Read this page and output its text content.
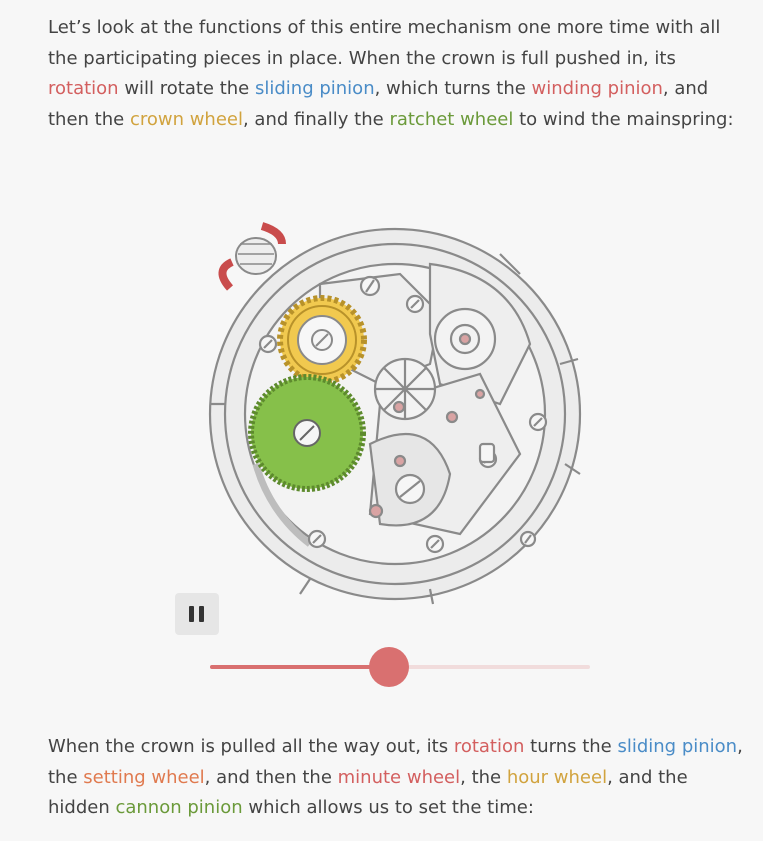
Let’s look at the functions of this entire mechanism one more time with all the participating pieces in place. When the crown is full pushed in, its rotation will rotate the sliding pinion, which turns the winding pinion, and then the crown wheel, and finally the ratchet wheel to wind the mainspring:

When the crown is pulled all the way out, its rotation turns the sliding pinion, the setting wheel, and then the minute wheel, the hour wheel, and the hidden cannon pinion which allows us to set the time:
